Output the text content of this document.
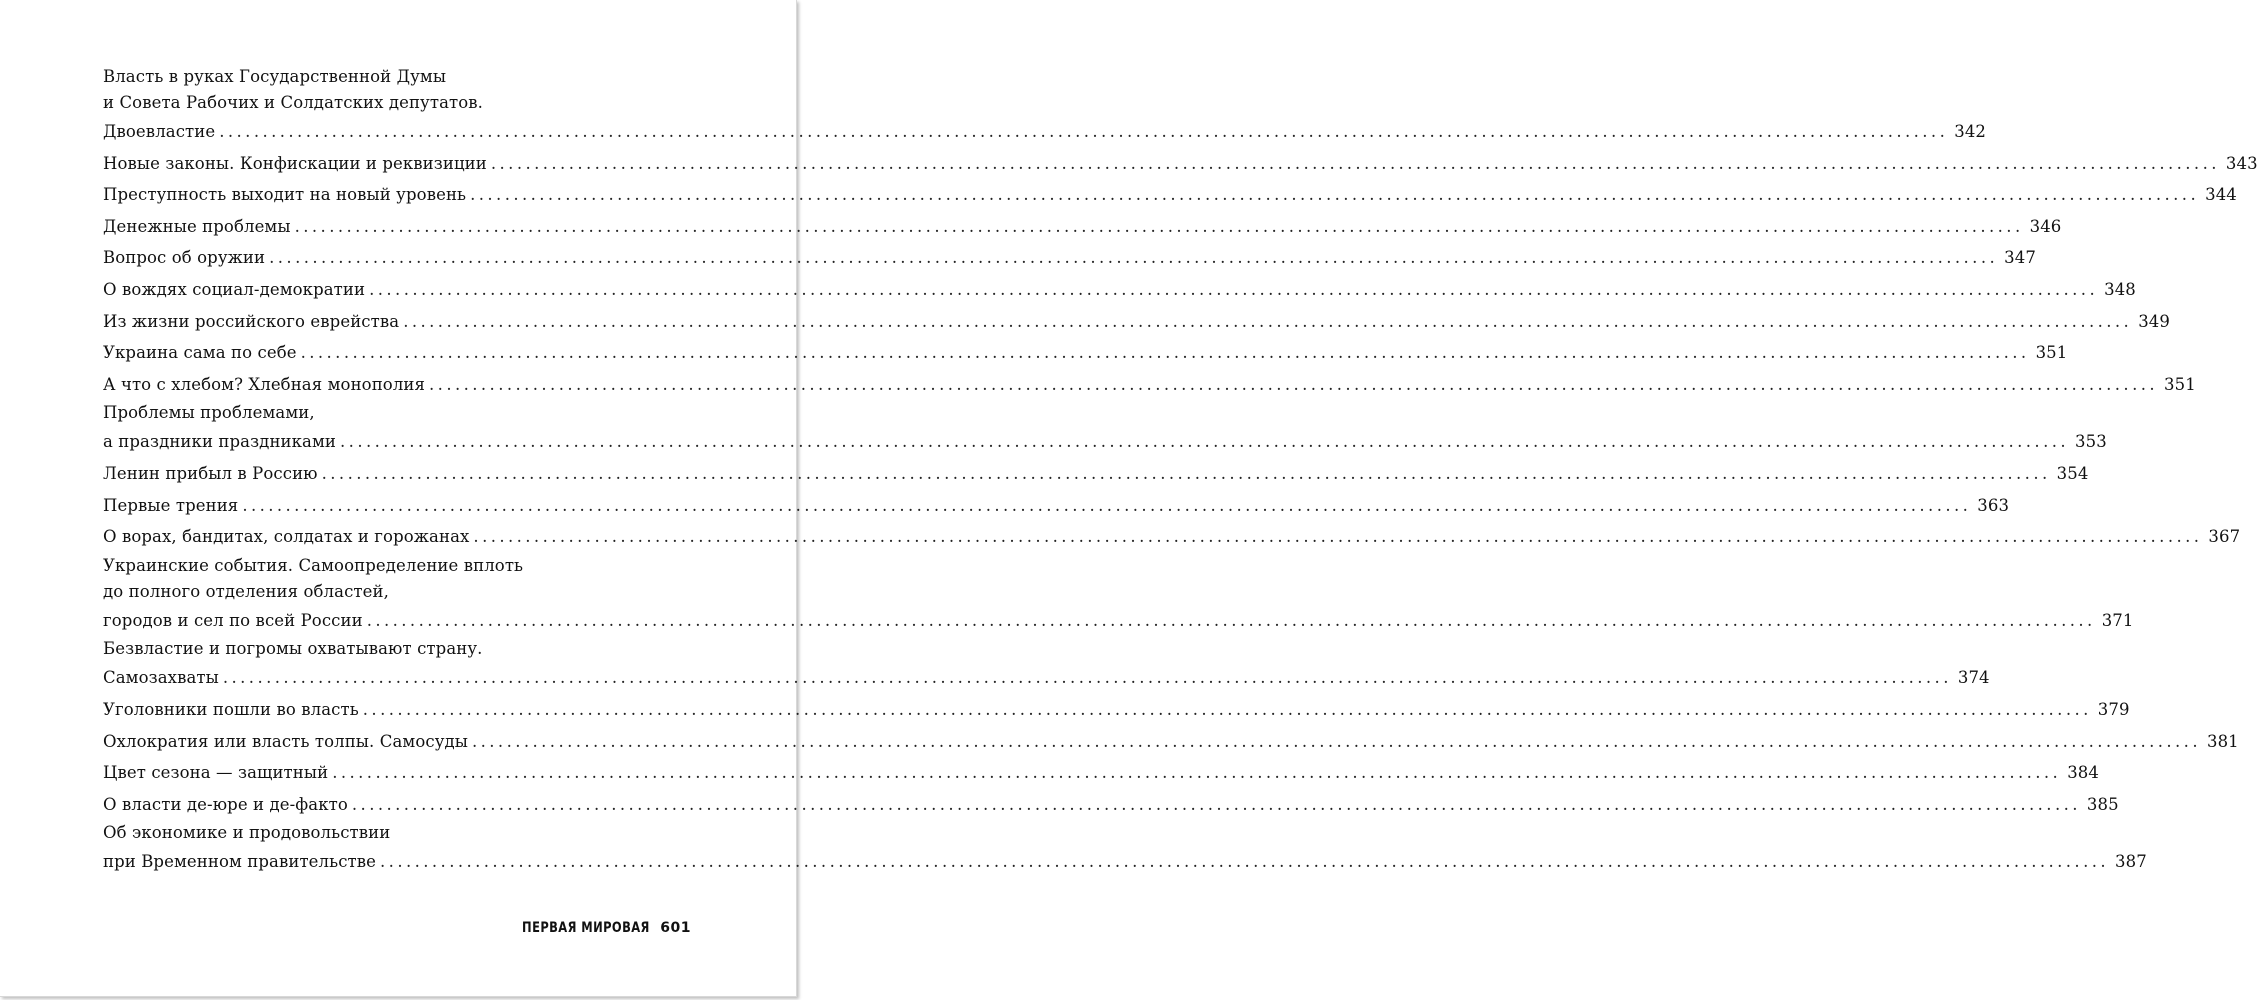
Власть в руках Государственной Думы
и Совета Рабочих и Солдатских депутатов.
Двоевластие ........................................................................................................................................................................................................ 342
Новые законы. Конфискации и реквизиции ........................................................................................................................................................................................................ 343
Преступность выходит на новый уровень ........................................................................................................................................................................................................ 344
Денежные проблемы ........................................................................................................................................................................................................ 346
Вопрос об оружии ........................................................................................................................................................................................................ 347
О вождях социал-демократии ........................................................................................................................................................................................................ 348
Из жизни российского еврейства ........................................................................................................................................................................................................ 349
Украина сама по себе ........................................................................................................................................................................................................ 351
А что с хлебом? Хлебная монополия ........................................................................................................................................................................................................ 351
Проблемы проблемами,
а праздники праздниками ........................................................................................................................................................................................................ 353
Ленин прибыл в Россию ........................................................................................................................................................................................................ 354
Первые трения ........................................................................................................................................................................................................ 363
О ворах, бандитах, солдатах и горожанах ........................................................................................................................................................................................................ 367
Украинские события. Самоопределение вплоть
до полного отделения областей,
городов и сел по всей России ........................................................................................................................................................................................................ 371
Безвластие и погромы охватывают страну.
Самозахваты ........................................................................................................................................................................................................ 374
Уголовники пошли во власть ........................................................................................................................................................................................................ 379
Охлократия или власть толпы. Самосуды ........................................................................................................................................................................................................ 381
Цвет сезона — защитный ........................................................................................................................................................................................................ 384
О власти де-юре и де-факто ........................................................................................................................................................................................................ 385
Об экономике и продовольствии
при Временном правительстве ........................................................................................................................................................................................................ 387
ПЕРВАЯ МИРОВАЯ 601
